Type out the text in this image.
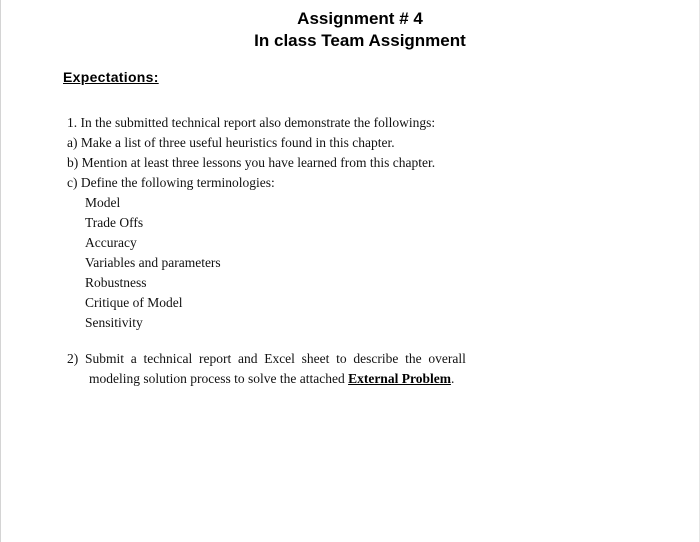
Assignment # 4
In class Team Assignment
Expectations:
1. In the submitted technical report also demonstrate the followings:
a) Make a list of three useful heuristics found in this chapter.
b) Mention at least three lessons you have learned from this chapter.
c) Define the following terminologies:
Model
Trade Offs
Accuracy
Variables and parameters
Robustness
Critique of Model
Sensitivity
2)  Submit  a  technical  report  and  Excel  sheet  to  describe  the  overall
modeling solution process to solve the attached External Problem.
